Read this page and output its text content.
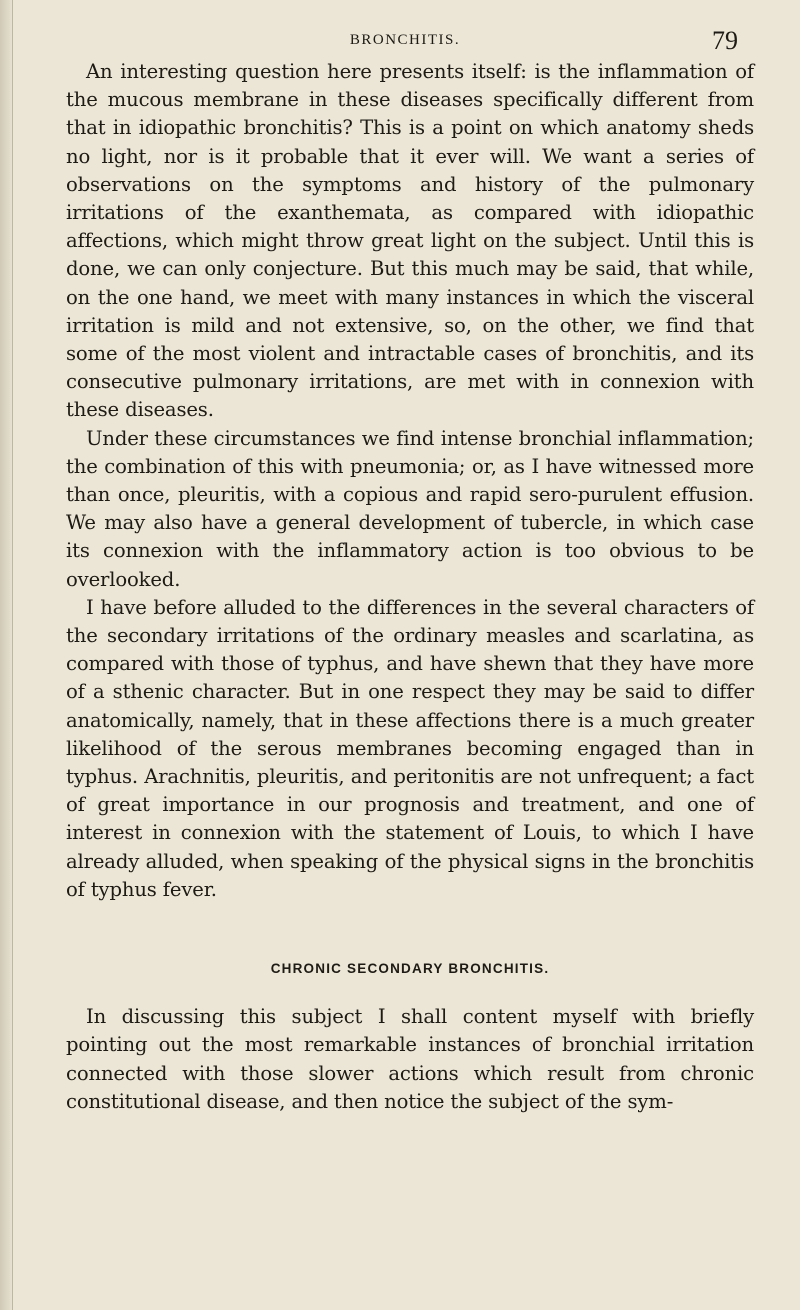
BRONCHITIS.	79

An interesting question here presents itself: is the inflammation of the mucous membrane in these diseases specifically different from that in idiopathic bronchitis? This is a point on which anatomy sheds no light, nor is it probable that it ever will. We want a series of observations on the symptoms and history of the pulmonary irritations of the exanthemata, as compared with idiopathic affections, which might throw great light on the subject. Until this is done, we can only conjecture. But this much may be said, that while, on the one hand, we meet with many instances in which the visceral irritation is mild and not extensive, so, on the other, we find that some of the most violent and intractable cases of bronchitis, and its consecutive pulmonary irritations, are met with in connexion with these diseases.

Under these circumstances we find intense bronchial inflammation; the combination of this with pneumonia; or, as I have witnessed more than once, pleuritis, with a copious and rapid sero-purulent effusion. We may also have a general development of tubercle, in which case its connexion with the inflammatory action is too obvious to be overlooked.

I have before alluded to the differences in the several characters of the secondary irritations of the ordinary measles and scarlatina, as compared with those of typhus, and have shewn that they have more of a sthenic character. But in one respect they may be said to differ anatomically, namely, that in these affections there is a much greater likelihood of the serous membranes becoming engaged than in typhus. Arachnitis, pleuritis, and peritonitis are not unfrequent; a fact of great importance in our prognosis and treatment, and one of interest in connexion with the statement of Louis, to which I have already alluded, when speaking of the physical signs in the bronchitis of typhus fever.

CHRONIC SECONDARY BRONCHITIS.

In discussing this subject I shall content myself with briefly pointing out the most remarkable instances of bronchial irritation connected with those slower actions which result from chronic constitutional disease, and then notice the subject of the sym-
